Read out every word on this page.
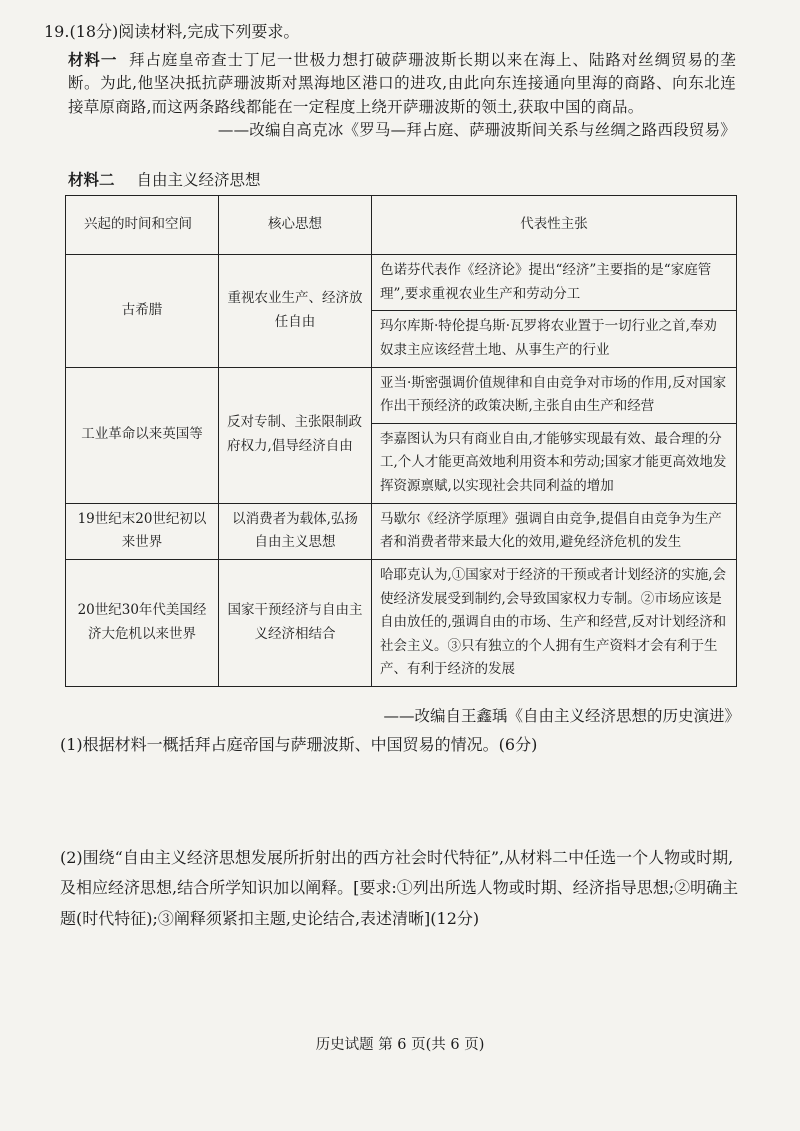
19.(18分)阅读材料,完成下列要求。
材料一 拜占庭皇帝查士丁尼一世极力想打破萨珊波斯长期以来在海上、陆路对丝绸贸易的垄断。为此,他坚决抵抗萨珊波斯对黑海地区港口的进攻,由此向东连接通向里海的商路、向东北连接草原商路,而这两条路线都能在一定程度上绕开萨珊波斯的领土,获取中国的商品。
——改编自高克冰《罗马—拜占庭、萨珊波斯间关系与丝绸之路西段贸易》
材料二 自由主义经济思想
兴起的时间和空间	核心思想	代表性主张
古希腊	重视农业生产、经济放任自由	色诺芬代表作《经济论》提出“经济”主要指的是“家庭管理”,要求重视农业生产和劳动分工
		玛尔库斯·特伦提乌斯·瓦罗将农业置于一切行业之首,奉劝奴隶主应该经营土地、从事生产的行业
工业革命以来英国等	反对专制、主张限制政府权力,倡导经济自由	亚当·斯密强调价值规律和自由竞争对市场的作用,反对国家作出干预经济的政策决断,主张自由生产和经营
		李嘉图认为只有商业自由,才能够实现最有效、最合理的分工,个人才能更高效地利用资本和劳动;国家才能更高效地发挥资源禀赋,以实现社会共同利益的增加
19世纪末20世纪初以来世界	以消费者为载体,弘扬自由主义思想	马歇尔《经济学原理》强调自由竞争,提倡自由竞争为生产者和消费者带来最大化的效用,避免经济危机的发生
20世纪30年代美国经济大危机以来世界	国家干预经济与自由主义经济相结合	哈耶克认为,①国家对于经济的干预或者计划经济的实施,会使经济发展受到制约,会导致国家权力专制。②市场应该是自由放任的,强调自由的市场、生产和经营,反对计划经济和社会主义。③只有独立的个人拥有生产资料才会有利于生产、有利于经济的发展
——改编自王鑫瑀《自由主义经济思想的历史演进》
(1)根据材料一概括拜占庭帝国与萨珊波斯、中国贸易的情况。(6分)
(2)围绕“自由主义经济思想发展所折射出的西方社会时代特征”,从材料二中任选一个人物或时期,及相应经济思想,结合所学知识加以阐释。[要求:①列出所选人物或时期、经济指导思想;②明确主题(时代特征);③阐释须紧扣主题,史论结合,表述清晰](12分)
历史试题 第 6 页(共 6 页)
